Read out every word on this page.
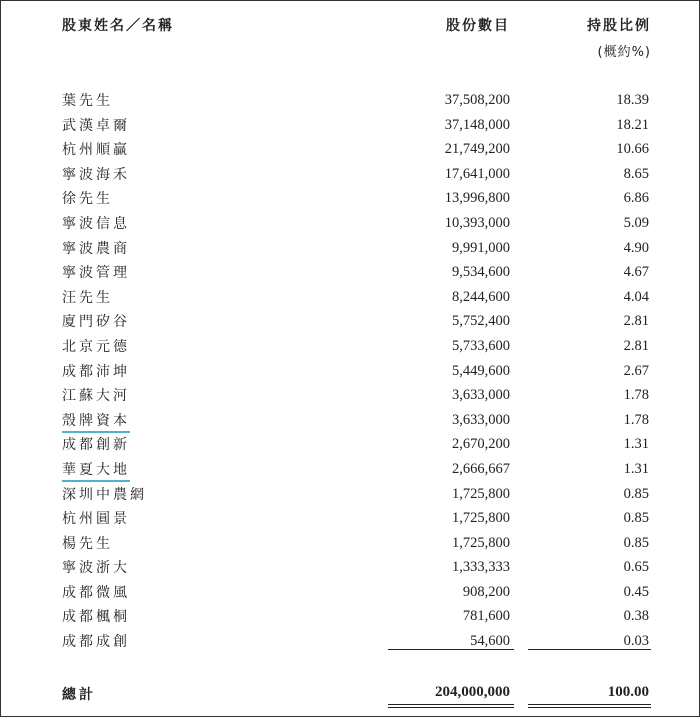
股東姓名／名稱	股份數目	持股比例
(概約%)
葉先生	37,508,200	18.39
武漢卓爾	37,148,000	18.21
杭州順贏	21,749,200	10.66
寧波海禾	17,641,000	8.65
徐先生	13,996,800	6.86
寧波信息	10,393,000	5.09
寧波農商	9,991,000	4.90
寧波管理	9,534,600	4.67
汪先生	8,244,600	4.04
廈門矽谷	5,752,400	2.81
北京元德	5,733,600	2.81
成都沛坤	5,449,600	2.67
江蘇大河	3,633,000	1.78
殼牌資本	3,633,000	1.78
成都創新	2,670,200	1.31
華夏大地	2,666,667	1.31
深圳中農網	1,725,800	0.85
杭州圓景	1,725,800	0.85
楊先生	1,725,800	0.85
寧波浙大	1,333,333	0.65
成都微風	908,200	0.45
成都楓桐	781,600	0.38
成都成創	54,600	0.03
總計	204,000,000	100.00
